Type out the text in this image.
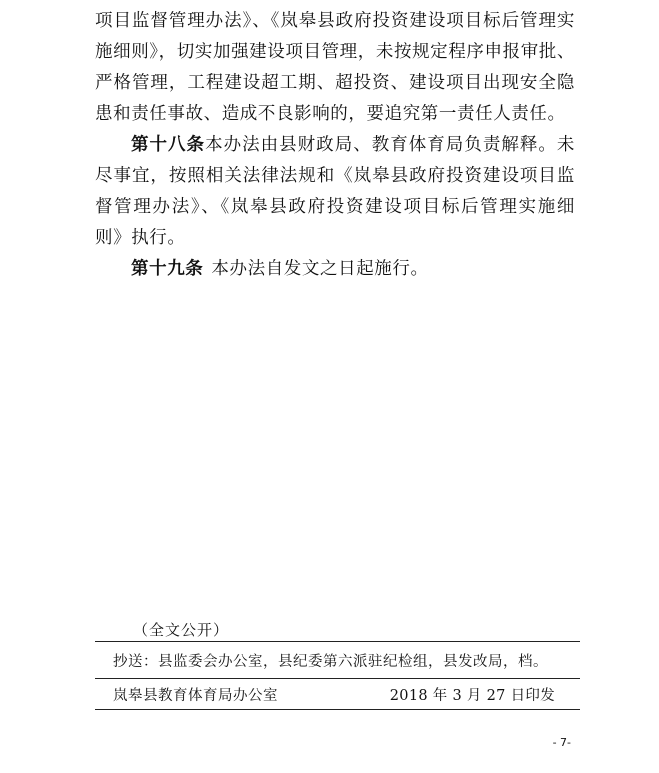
项目监督管理办法》、《岚皋县政府投资建设项目标后管理实施细则》，切实加强建设项目管理，未按规定程序申报审批、严格管理，工程建设超工期、超投资、建设项目出现安全隐患和责任事故、造成不良影响的，要追究第一责任人责任。

第十八条本办法由县财政局、教育体育局负责解释。未尽事宜，按照相关法律法规和《岚皋县政府投资建设项目监督管理办法》、《岚皋县政府投资建设项目标后管理实施细则》执行。

第十九条 本办法自发文之日起施行。

（全文公开）
抄送：县监委会办公室，县纪委第六派驻纪检组，县发改局，档。
岚皋县教育体育局办公室	2018 年 3 月 27 日印发
- 7-
